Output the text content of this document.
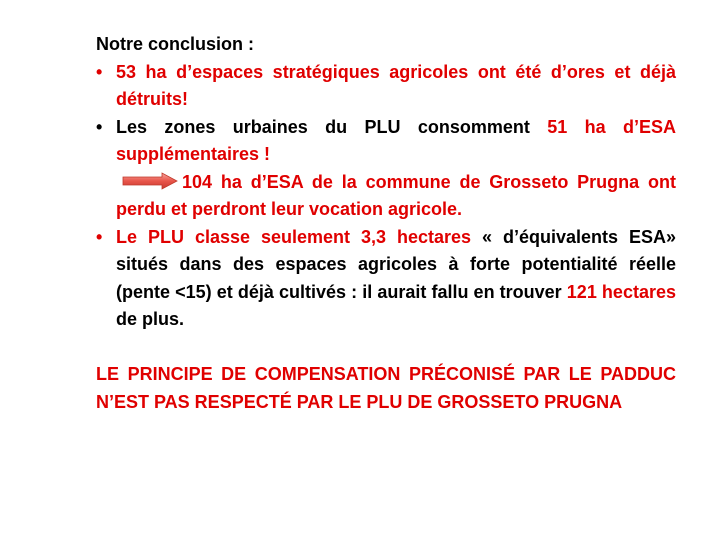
Notre conclusion :
• 53 ha d’espaces stratégiques agricoles ont été d’ores et déjà détruits!
• Les zones urbaines du PLU consomment 51 ha d’ESA supplémentaires !
104 ha d’ESA de la commune de Grosseto Prugna ont perdu et perdront leur vocation agricole.
• Le PLU classe seulement 3,3 hectares « d’équivalents ESA» situés dans des espaces agricoles à forte potentialité réelle (pente <15) et déjà cultivés : il aurait fallu en trouver 121 hectares de plus.
LE PRINCIPE DE COMPENSATION PRÉCONISÉ PAR LE PADDUC N’EST PAS RESPECTÉ PAR LE PLU DE GROSSETO PRUGNA
